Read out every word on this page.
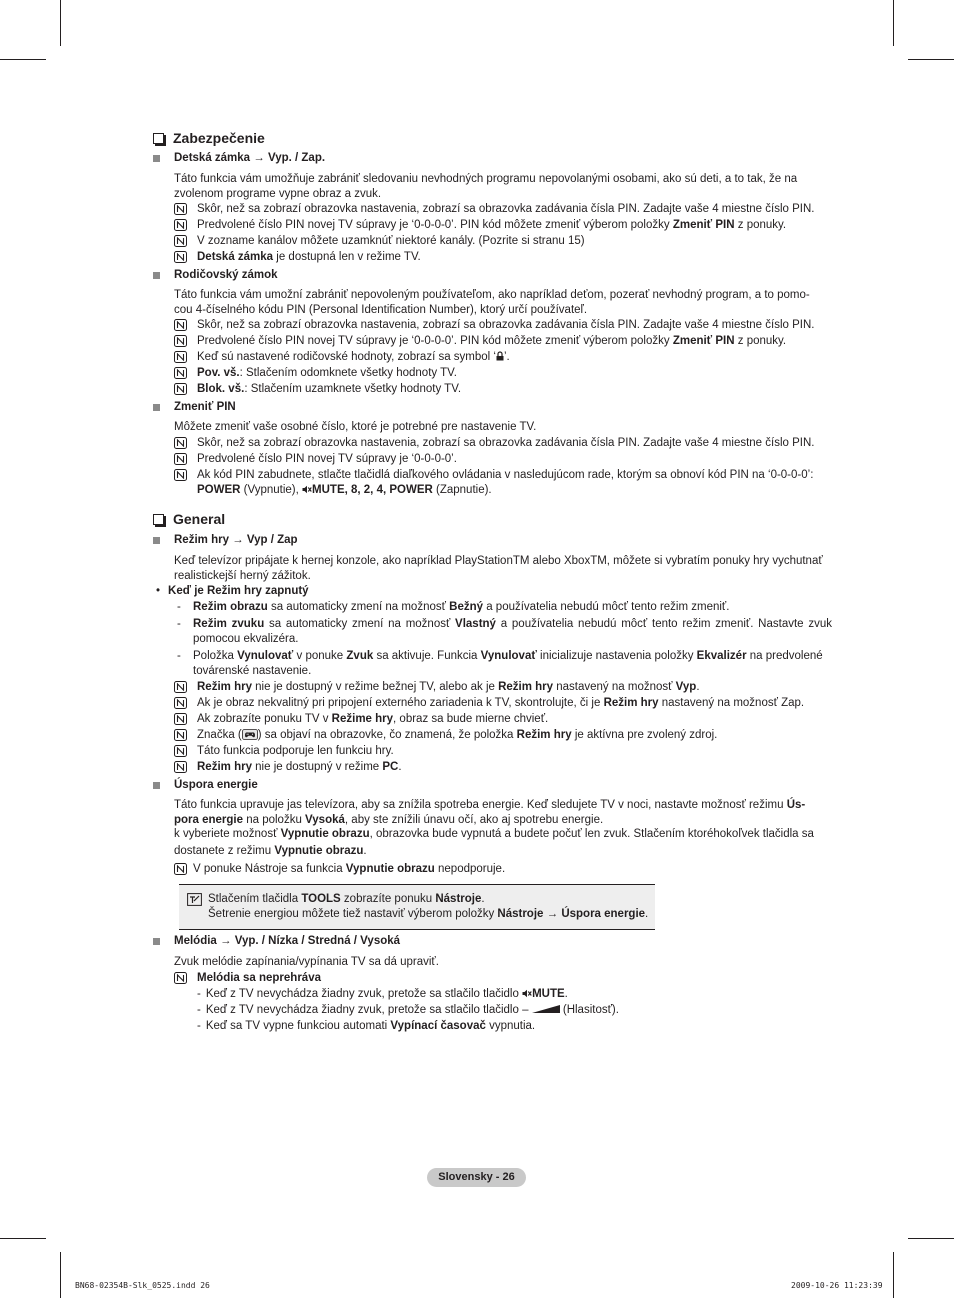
Zabezpečenie
Detská zámka → Vyp. / Zap.
Táto funkcia vám umožňuje zabrániť sledovaniu nevhodných programu nepovolanými osobami, ako sú deti, a to tak, že na
zvolenom programe vypne obraz a zvuk.
Skôr, než sa zobrazí obrazovka nastavenia, zobrazí sa obrazovka zadávania čísla PIN. Zadajte vaše 4 miestne číslo PIN.
Predvolené číslo PIN novej TV súpravy je ‘0-0-0-0’. PIN kód môžete zmeniť výberom položky Zmeniť PIN z ponuky.
V zozname kanálov môžete uzamknúť niektoré kanály. (Pozrite si stranu 15)
Detská zámka je dostupná len v režime TV.
Rodičovský zámok
Táto funkcia vám umožní zabrániť nepovoleným používateľom, ako napríklad deťom, pozerať nevhodný program, a to pomo-
cou 4-číselného kódu PIN (Personal Identification Number), ktorý určí používateľ.
Skôr, než sa zobrazí obrazovka nastavenia, zobrazí sa obrazovka zadávania čísla PIN. Zadajte vaše 4 miestne číslo PIN.
Predvolené číslo PIN novej TV súpravy je ‘0-0-0-0’. PIN kód môžete zmeniť výberom položky Zmeniť PIN z ponuky.
Keď sú nastavené rodičovské hodnoty, zobrazí sa symbol ‘ ’.
Pov. vš.: Stlačením odomknete všetky hodnoty TV.
Blok. vš.: Stlačením uzamknete všetky hodnoty TV.
Zmeniť PIN
Môžete zmeniť vaše osobné číslo, ktoré je potrebné pre nastavenie TV.
Skôr, než sa zobrazí obrazovka nastavenia, zobrazí sa obrazovka zadávania čísla PIN. Zadajte vaše 4 miestne číslo PIN.
Predvolené číslo PIN novej TV súpravy je ‘0-0-0-0’.
Ak kód PIN zabudnete, stlačte tlačidlá diaľkového ovládania v nasledujúcom rade, ktorým sa obnoví kód PIN na ‘0-0-0-0’:
POWER (Vypnutie), MUTE, 8, 2, 4, POWER (Zapnutie).
General
Režim hry → Vyp / Zap
Keď televízor pripájate k hernej konzole, ako napríklad PlayStationTM alebo XboxTM, môžete si vybratím ponuky hry vychutnať
realistickejší herný zážitok.
• Keď je Režim hry zapnutý
- Režim obrazu sa automaticky zmení na možnosť Bežný a používatelia nebudú môcť tento režim zmeniť.
- Režim zvuku sa automaticky zmení na možnosť Vlastný a používatelia nebudú môcť tento režim zmeniť. Nastavte zvuk
pomocou ekvalizéra.
- Položka Vynulovať v ponuke Zvuk sa aktivuje. Funkcia Vynulovať inicializuje nastavenia položky Ekvalizér na predvolené
továrenské nastavenie.
Režim hry nie je dostupný v režime bežnej TV, alebo ak je Režim hry nastavený na možnosť Vyp.
Ak je obraz nekvalitný pri pripojení externého zariadenia k TV, skontrolujte, či je Režim hry nastavený na možnosť Zap.
Ak zobrazíte ponuku TV v Režime hry, obraz sa bude mierne chvieť.
Značka ( ) sa objaví na obrazovke, čo znamená, že položka Režim hry je aktívna pre zvolený zdroj.
Táto funkcia podporuje len funkciu hry.
Režim hry nie je dostupný v režime PC.
Úspora energie
Táto funkcia upravuje jas televízora, aby sa znížila spotreba energie. Keď sledujete TV v noci, nastavte možnosť režimu Ús-
pora energie na položku Vysoká, aby ste znížili únavu očí, ako aj spotrebu energie.
k vyberiete možnosť Vypnutie obrazu, obrazovka bude vypnutá a budete počuť len zvuk. Stlačením ktoréhokoľvek tlačidla sa
dostanete z režimu Vypnutie obrazu.
V ponuke Nástroje sa funkcia Vypnutie obrazu nepodporuje.
Stlačením tlačidla TOOLS zobrazíte ponuku Nástroje.
Šetrenie energiou môžete tiež nastaviť výberom položky Nástroje → Úspora energie.
Melódia → Vyp. / Nízka / Stredná / Vysoká
Zvuk melódie zapínania/vypínania TV sa dá upraviť.
Melódia sa neprehráva
- Keď z TV nevychádza žiadny zvuk, pretože sa stlačilo tlačidlo MUTE.
- Keď z TV nevychádza žiadny zvuk, pretože sa stlačilo tlačidlo –  (Hlasitosť).
- Keď sa TV vypne funkciou automati Vypínací časovač vypnutia.
Slovensky - 26
BN68-02354B-Slk_0525.indd 26	2009-10-26 11:23:39
